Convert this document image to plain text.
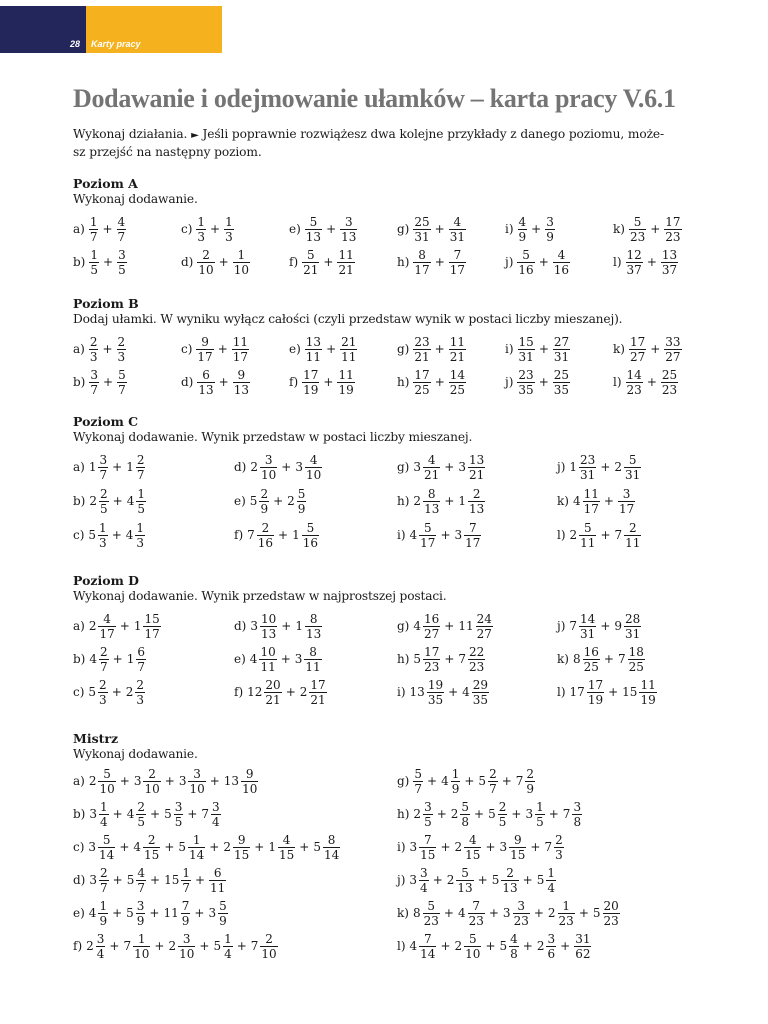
28 Karty pracy
Dodawanie i odejmowanie ułamków – karta pracy V.6.1
Wykonaj działania. ► Jeśli poprawnie rozwiążesz dwa kolejne przykłady z danego poziomu, może-sz przejść na następny poziom.
Poziom A
Wykonaj dodawanie.
$a) \frac{1}{7} + \frac{4}{7}$	$c) \frac{1}{3} + \frac{1}{3}$	$e) \frac{5}{13} + \frac{3}{13}$	$g) \frac{25}{31} + \frac{4}{31}$	$i) \frac{4}{9} + \frac{3}{9}$	$k) \frac{5}{23} + \frac{17}{23}$
$b) \frac{1}{5} + \frac{3}{5}$	$d) \frac{2}{10} + \frac{1}{10}$	$f) \frac{5}{21} + \frac{11}{21}$	$h) \frac{8}{17} + \frac{7}{17}$	$j) \frac{5}{16} + \frac{4}{16}$	$l) \frac{12}{37} + \frac{13}{37}$
Poziom B
Dodaj ułamki. W wyniku wyłącz całości (czyli przedstaw wynik w postaci liczby mieszanej).
$a) \frac{2}{3} + \frac{2}{3}$	$c) \frac{9}{17} + \frac{11}{17}$	$e) \frac{13}{11} + \frac{21}{11}$	$g) \frac{23}{21} + \frac{11}{21}$	$i) \frac{15}{31} + \frac{27}{31}$	$k) \frac{17}{27} + \frac{33}{27}$
$b) \frac{3}{7} + \frac{5}{7}$	$d) \frac{6}{13} + \frac{9}{13}$	$f) \frac{17}{19} + \frac{11}{19}$	$h) \frac{17}{25} + \frac{14}{25}$	$j) \frac{23}{35} + \frac{25}{35}$	$l) \frac{14}{23} + \frac{25}{23}$
Poziom C
Wykonaj dodawanie. Wynik przedstaw w postaci liczby mieszanej.
a) $1 \frac{3}{7} + 1 \frac{2}{7}$	d) $2 \frac{3}{10} + 3 \frac{4}{10}$	g) $3 \frac{4}{21} + 3 \frac{13}{21}$	j) $1 \frac{23}{31} + 2 \frac{5}{31}$
b) $2 \frac{2}{5} + 4 \frac{1}{5}$	e) $5 \frac{2}{9} + 2 \frac{5}{9}$	h) $2 \frac{8}{13} + 1 \frac{2}{13}$	k) $4 \frac{11}{17} + \frac{3}{17}$
c) $5 \frac{1}{3} + 4 \frac{1}{3}$	f) $7 \frac{2}{16} + 1 \frac{5}{16}$	i) $4 \frac{5}{17} + 3 \frac{7}{17}$	l) $2 \frac{5}{11} + 7 \frac{2}{11}$
Poziom D
Wykonaj dodawanie. Wynik przedstaw w najprostszej postaci.
a) $2 \frac{4}{17} + 1 \frac{15}{17}$	d) $3 \frac{10}{13} + 1 \frac{8}{13}$	g) $4 \frac{16}{27} + 11 \frac{24}{27}$	j) $7 \frac{14}{31} + 9 \frac{28}{31}$
b) $4 \frac{2}{7} + 1 \frac{6}{7}$	e) $4 \frac{10}{11} + 3 \frac{8}{11}$	h) $5 \frac{17}{23} + 7 \frac{22}{23}$	k) $8 \frac{16}{25} + 7 \frac{18}{25}$
c) $5 \frac{2}{3} + 2 \frac{2}{3}$	f) $12 \frac{20}{21} + 2 \frac{17}{21}$	i) $13 \frac{19}{35} + 4 \frac{29}{35}$	l) $17 \frac{17}{19} + 15 \frac{11}{19}$
Mistrz
Wykonaj dodawanie.
a) $2 \frac{5}{10} + 3 \frac{2}{10} + 3 \frac{3}{10} + 13 \frac{9}{10}$	$g) \frac{5}{7} + 4 \frac{1}{9} + 5 \frac{2}{7} + 7 \frac{2}{9}$
b) $3 \frac{1}{4} + 4 \frac{2}{5} + 5 \frac{3}{5} + 7 \frac{3}{4}$	h) $2 \frac{3}{5} + 2 \frac{5}{8} + 5 \frac{2}{5} + 3 \frac{1}{5} + 7 \frac{3}{8}$
c) $3 \frac{5}{14} + 4 \frac{2}{15} + 5 \frac{1}{14} + 2 \frac{9}{15} + 1 \frac{4}{15} + 5 \frac{8}{14}$	i) $3 \frac{7}{15} + 2 \frac{4}{15} + 3 \frac{9}{15} + 7 \frac{2}{3}$
d) $3 \frac{2}{7} + 5 \frac{4}{7} + 15 \frac{1}{7} + \frac{6}{11}$	j) $3 \frac{3}{4} + 2 \frac{5}{13} + 5 \frac{2}{13} + 5 \frac{1}{4}$
e) $4 \frac{1}{9} + 5 \frac{3}{9} + 11 \frac{7}{9} + 3 \frac{5}{9}$	k) $8 \frac{5}{23} + 4 \frac{7}{23} + 3 \frac{3}{23} + 2 \frac{1}{23} + 5 \frac{20}{23}$
f) $2 \frac{3}{4} + 7 \frac{1}{10} + 2 \frac{3}{10} + 5 \frac{1}{4} + 7 \frac{2}{10}$	l) $4 \frac{7}{14} + 2 \frac{5}{10} + 5 \frac{4}{8} + 2 \frac{3}{6} + \frac{31}{62}$
